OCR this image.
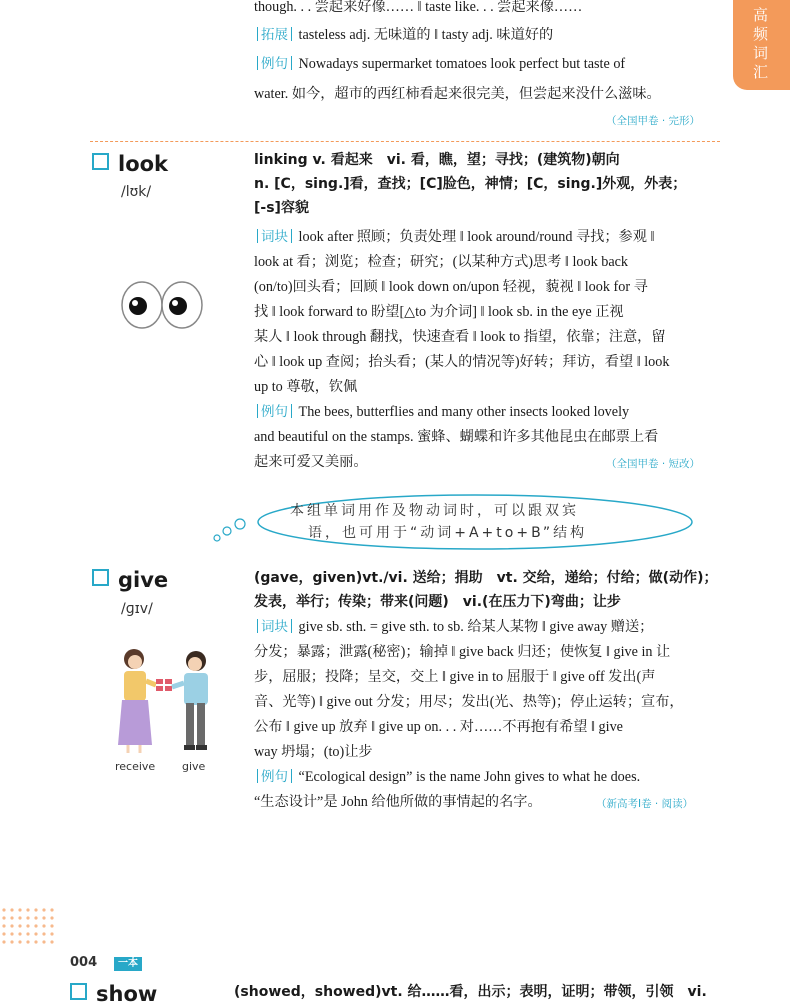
高频词汇
though. . . 尝起来好像…… ‖ taste like. . . 尝起来像……
拓展 tasteless adj. 无味道的 ‖ tasty adj. 味道好的
例句 Nowadays supermarket tomatoes look perfect but taste of
water. 如今，超市的西红柿看起来很完美，但尝起来没什么滋味。
（全国甲卷 · 完形）
look
/lʊk/
linking v. 看起来　vi. 看，瞧，望；寻找；(建筑物)朝向
n. [C，sing.]看，查找；[C]脸色，神情；[C，sing.]外观，外表；
[-s]容貌
词块 look after 照顾；负责处理 ‖ look around/round 寻找；参观 ‖
look at 看；浏览；检查；研究；(以某种方式)思考 ‖ look back
(on/to)回头看；回顾 ‖ look down on/upon 轻视，藐视 ‖ look for 寻
找 ‖ look forward to 盼望[△to 为介词] ‖ look sb. in the eye 正视
某人 ‖ look through 翻找，快速查看 ‖ look to 指望，依靠；注意，留
心 ‖ look up 查阅；抬头看；(某人的情况等)好转；拜访，看望 ‖ look
up to 尊敬，钦佩
例句 The bees, butterflies and many other insects looked lovely
and beautiful on the stamps. 蜜蜂、蝴蝶和许多其他昆虫在邮票上看
起来可爱又美丽。	（全国甲卷 · 短改）
本组单词用作及物动词时，可以跟双宾
语，也可用于“动词+A+to+B”结构
give
/ɡɪv/
receive give
(gave，given)vt./vi. 送给；捐助　vt. 交给，递给；付给；做(动作)；
发表，举行；传染；带来(问题)　vi.(在压力下)弯曲；让步
词块 give sb. sth. = give sth. to sb. 给某人某物 ‖ give away 赠送；
分发；暴露；泄露(秘密)；输掉 ‖ give back 归还；使恢复 ‖ give in 让
步，屈服；投降；呈交，交上 ‖ give in to 屈服于 ‖ give off 发出(声
音、光等) ‖ give out 分发；用尽；发出(光、热等)；停止运转；宣布，
公布 ‖ give up 放弃 ‖ give up on. . . 对……不再抱有希望 ‖ give
way 坍塌；(to)让步
例句 “Ecological design” is the name John gives to what he does.
“生态设计”是 John 给他所做的事情起的名字。	（新高考Ⅰ卷 · 阅读）
004	一本
show	(showed，showed)vt. 给……看，出示；表明，证明；带领，引领　vi.
